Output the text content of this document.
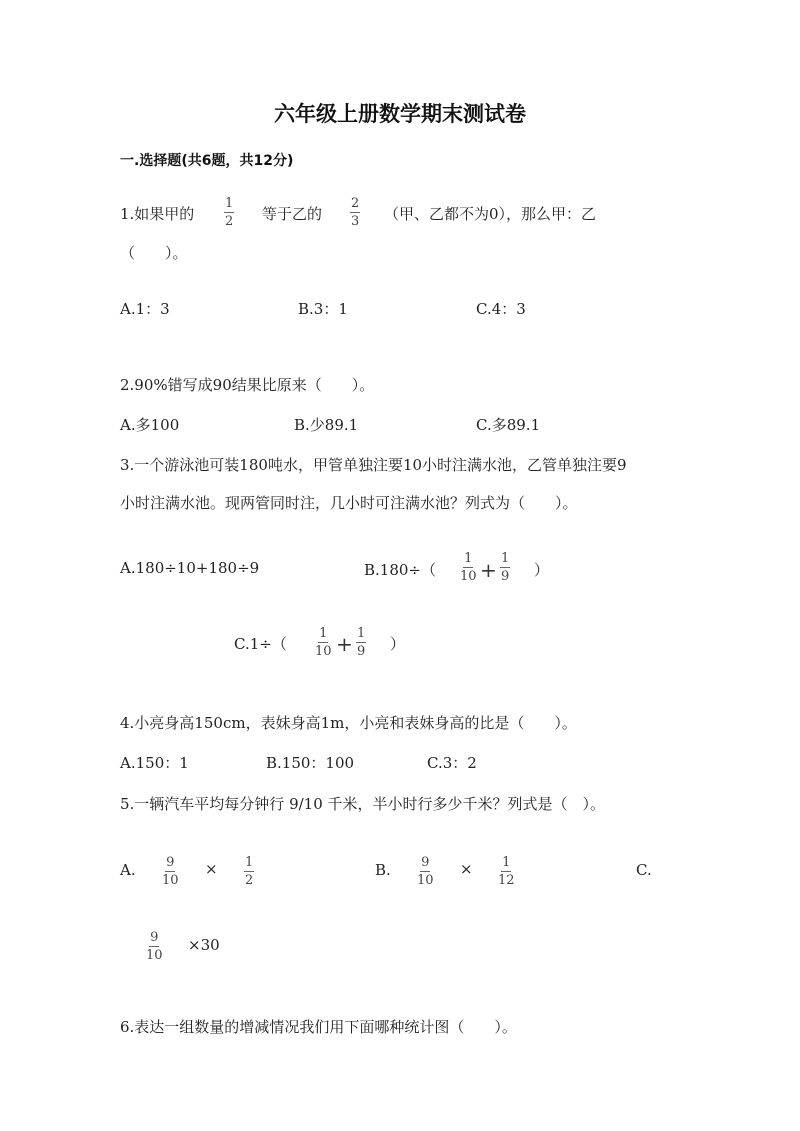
六年级上册数学期末测试卷
一.选择题(共6题，共12分)
1.如果甲的 $\frac{1}{2}$ 等于乙的 $\frac{2}{3}$ （甲、乙都不为0），那么甲：乙
（　　）。
A.1：3	B.3：1	C.4：3
2.90%错写成90结果比原来（　　）。
A.多100	B.少89.1	C.多89.1
3.一个游泳池可装180吨水，甲管单独注要10小时注满水池，乙管单独注要9
小时注满水池。现两管同时注，几小时可注满水池？列式为（　　）。
A.180÷10+180÷9	$B.180\div( \frac{1}{10} + \frac{1}{9}$ ）
$C.1\div( \frac{1}{10} + \frac{1}{9}$ ）
4.小亮身高150cm，表妹身高1m，小亮和表妹身高的比是（　　）。
A.150：1	B.150：100	C.3：2
5.一辆汽车平均每分钟行 9/10 千米，半小时行多少千米？列式是（　）。
A. $\frac{9}{10} \times \frac{1}{2}$	B. $\frac{9}{10} \times \frac{1}{12}$	C.
$\frac{9}{10} \times 30$
6.表达一组数量的增减情况我们用下面哪种统计图（　　）。
